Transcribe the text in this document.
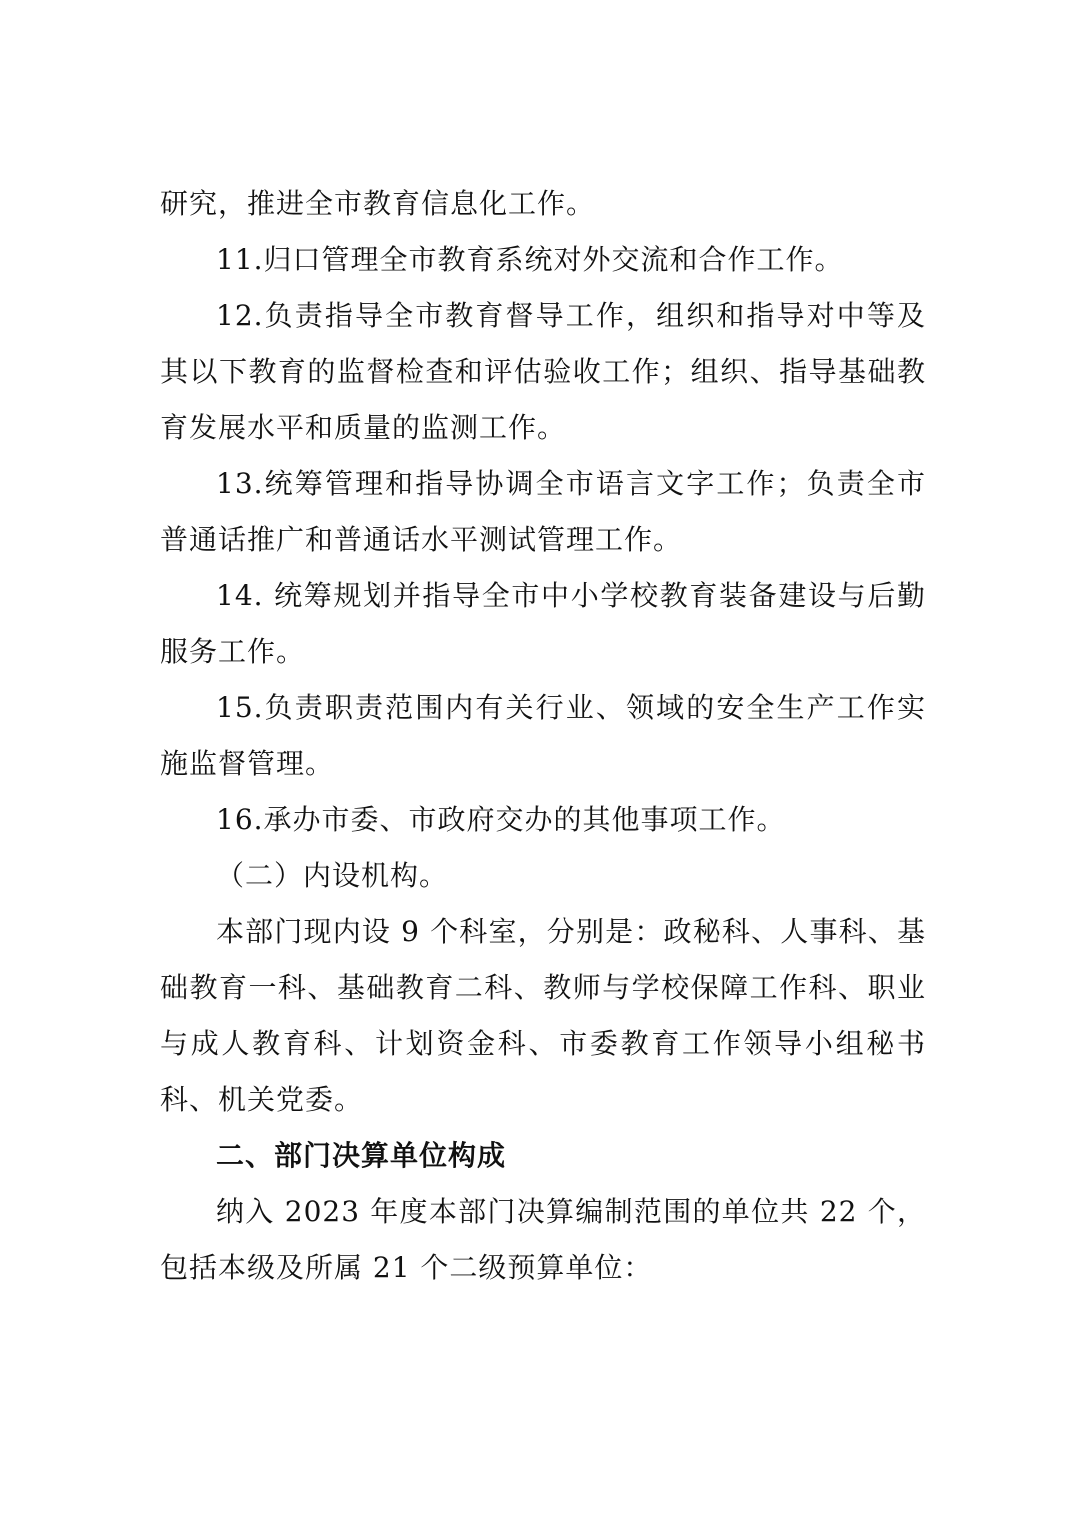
研究，推进全市教育信息化工作。

11.归口管理全市教育系统对外交流和合作工作。

12.负责指导全市教育督导工作，组织和指导对中等及其以下教育的监督检查和评估验收工作；组织、指导基础教育发展水平和质量的监测工作。

13.统筹管理和指导协调全市语言文字工作；负责全市普通话推广和普通话水平测试管理工作。

14. 统筹规划并指导全市中小学校教育装备建设与后勤服务工作。

15.负责职责范围内有关行业、领域的安全生产工作实施监督管理。

16.承办市委、市政府交办的其他事项工作。

（二）内设机构。

本部门现内设 9 个科室，分别是：政秘科、人事科、基础教育一科、基础教育二科、教师与学校保障工作科、职业与成人教育科、计划资金科、市委教育工作领导小组秘书科、机关党委。

二、部门决算单位构成

纳入 2023 年度本部门决算编制范围的单位共 22 个，包括本级及所属 21 个二级预算单位：
